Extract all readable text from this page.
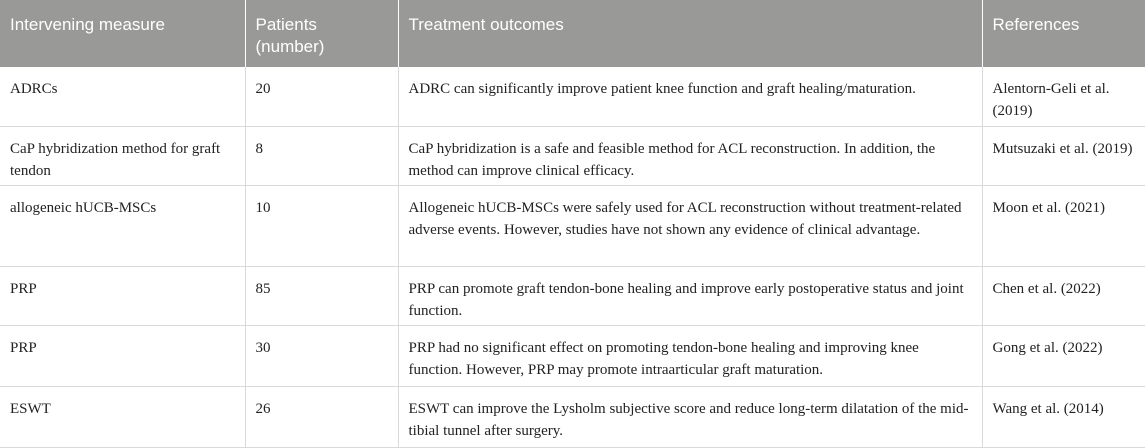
Intervening measure	Patients (number)	Treatment outcomes	References
ADRCs	20	ADRC can significantly improve patient knee function and graft healing/maturation.	Alentorn-Geli et al. (2019)
CaP hybridization method for graft tendon	8	CaP hybridization is a safe and feasible method for ACL reconstruction. In addition, the method can improve clinical efficacy.	Mutsuzaki et al. (2019)
allogeneic hUCB-MSCs	10	Allogeneic hUCB-MSCs were safely used for ACL reconstruction without treatment-related adverse events. However, studies have not shown any evidence of clinical advantage.	Moon et al. (2021)
PRP	85	PRP can promote graft tendon-bone healing and improve early postoperative status and joint function.	Chen et al. (2022)
PRP	30	PRP had no significant effect on promoting tendon-bone healing and improving knee function. However, PRP may promote intraarticular graft maturation.	Gong et al. (2022)
ESWT	26	ESWT can improve the Lysholm subjective score and reduce long-term dilatation of the mid-tibial tunnel after surgery.	Wang et al. (2014)
